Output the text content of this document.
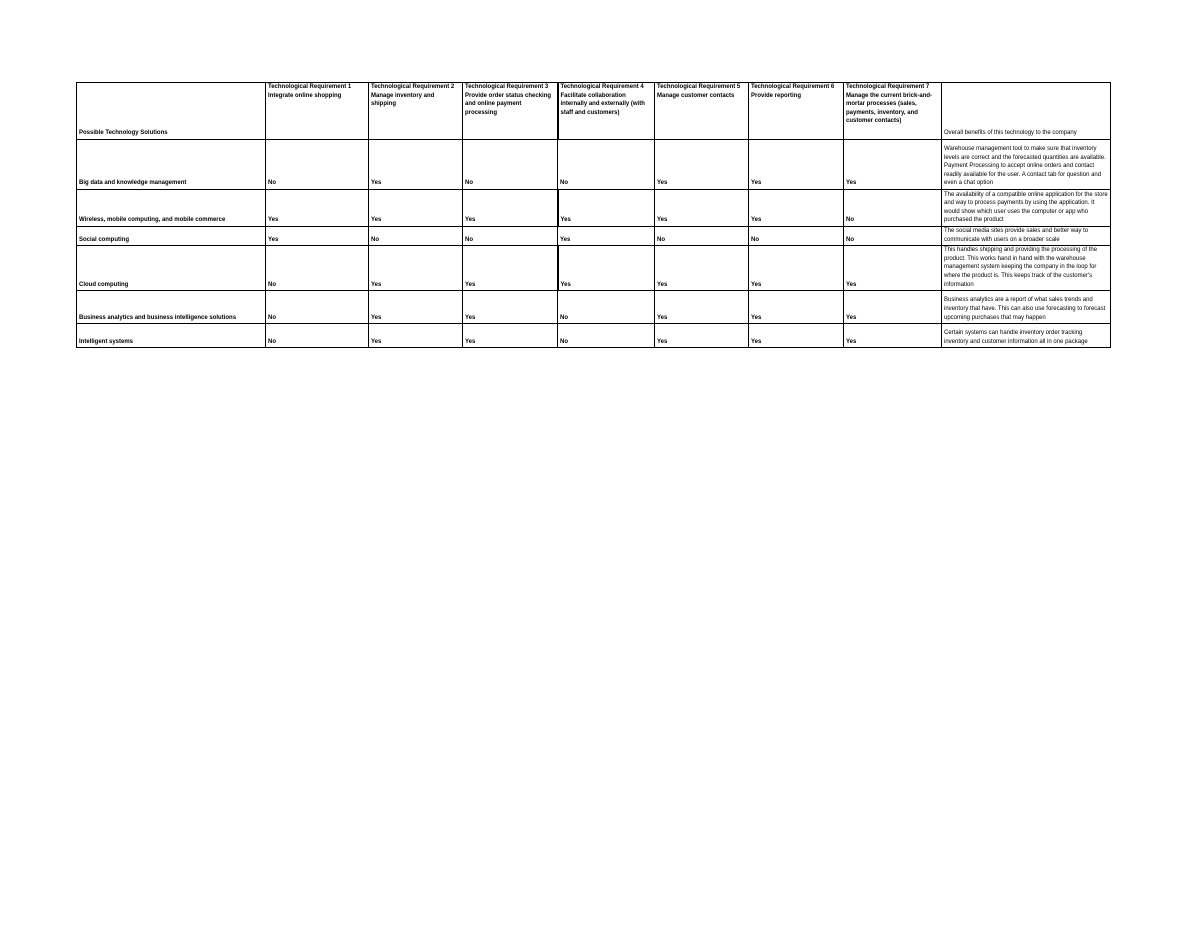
Possible Technology Solutions	Technological Requirement 1 Integrate online shopping	Technological Requirement 2 Manage inventory and shipping	Technological Requirement 3 Provide order status checking and online payment processing	Technological Requirement 4 Facilitate collaboration internally and externally (with staff and customers)	Technological Requirement 5 Manage customer contacts	Technological Requirement 6 Provide reporting	Technological Requirement 7 Manage the current brick-and-mortar processes (sales, payments, inventory, and customer contacts)	Overall benefits of this technology to the company
Big data and knowledge management	No	Yes	No	No	Yes	Yes	Yes	Warehouse management tool to make sure that inventory levels are correct and the forecasted quantities are available. Payment Processing to accept online orders and contact readily available for the user. A contact tab for question and even a chat option
Wireless, mobile computing, and mobile commerce	Yes	Yes	Yes	Yes	Yes	Yes	No	The availability of a compatible online application for the store and way to process payments by using the application. It would show which user uses the computer or app who purchased the product
Social computing	Yes	No	No	Yes	No	No	No	The social media sites provide sales and better way to communicate with users on a broader scale
Cloud computing	No	Yes	Yes	Yes	Yes	Yes	Yes	This handles shipping and providing the processing of the product. This works hand in hand with the warehouse management system keeping the company in the loop for where the product is. This keeps track of the customer's information
Business analytics and business intelligence solutions	No	Yes	Yes	No	Yes	Yes	Yes	Business analytics are a report of what sales trends and inventory that have. This can also use forecasting to forecast upcoming purchases that may happen
Intelligent systems	No	Yes	Yes	No	Yes	Yes	Yes	Certain systems can handle inventory order tracking inventory and customer information all in one package
